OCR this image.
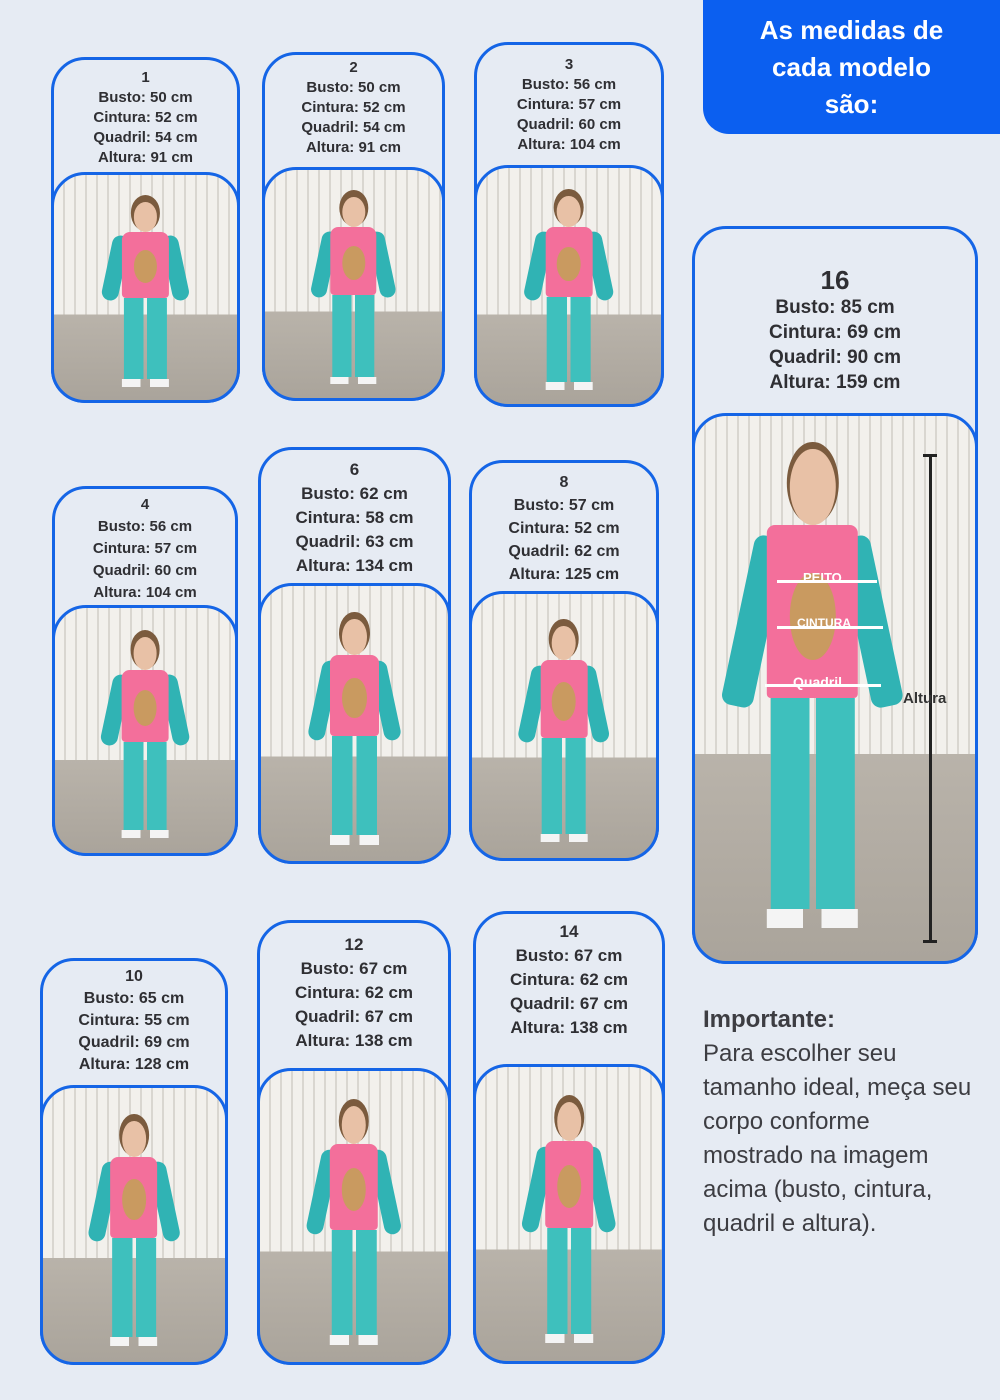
As medidas de
cada modelo
são:
1
Busto: 50 cm
Cintura: 52 cm
Quadril: 54 cm
Altura: 91 cm
2
Busto: 50 cm
Cintura: 52 cm
Quadril: 54 cm
Altura: 91 cm
3
Busto: 56 cm
Cintura: 57 cm
Quadril: 60 cm
Altura: 104 cm
4
Busto: 56 cm
Cintura: 57 cm
Quadril: 60 cm
Altura: 104 cm
6
Busto: 62 cm
Cintura: 58 cm
Quadril: 63 cm
Altura: 134 cm
8
Busto: 57 cm
Cintura: 52 cm
Quadril: 62 cm
Altura: 125 cm
10
Busto: 65 cm
Cintura: 55 cm
Quadril: 69 cm
Altura: 128 cm
12
Busto: 67 cm
Cintura: 62 cm
Quadril: 67 cm
Altura: 138 cm
14
Busto: 67 cm
Cintura: 62 cm
Quadril: 67 cm
Altura: 138 cm
16
Busto: 85 cm
Cintura: 69 cm
Quadril: 90 cm
Altura: 159 cm
PEITO
CINTURA
Quadril
Altura
Importante:
Para escolher seu tamanho ideal, meça seu corpo conforme mostrado na imagem acima (busto, cintura, quadril e altura).
